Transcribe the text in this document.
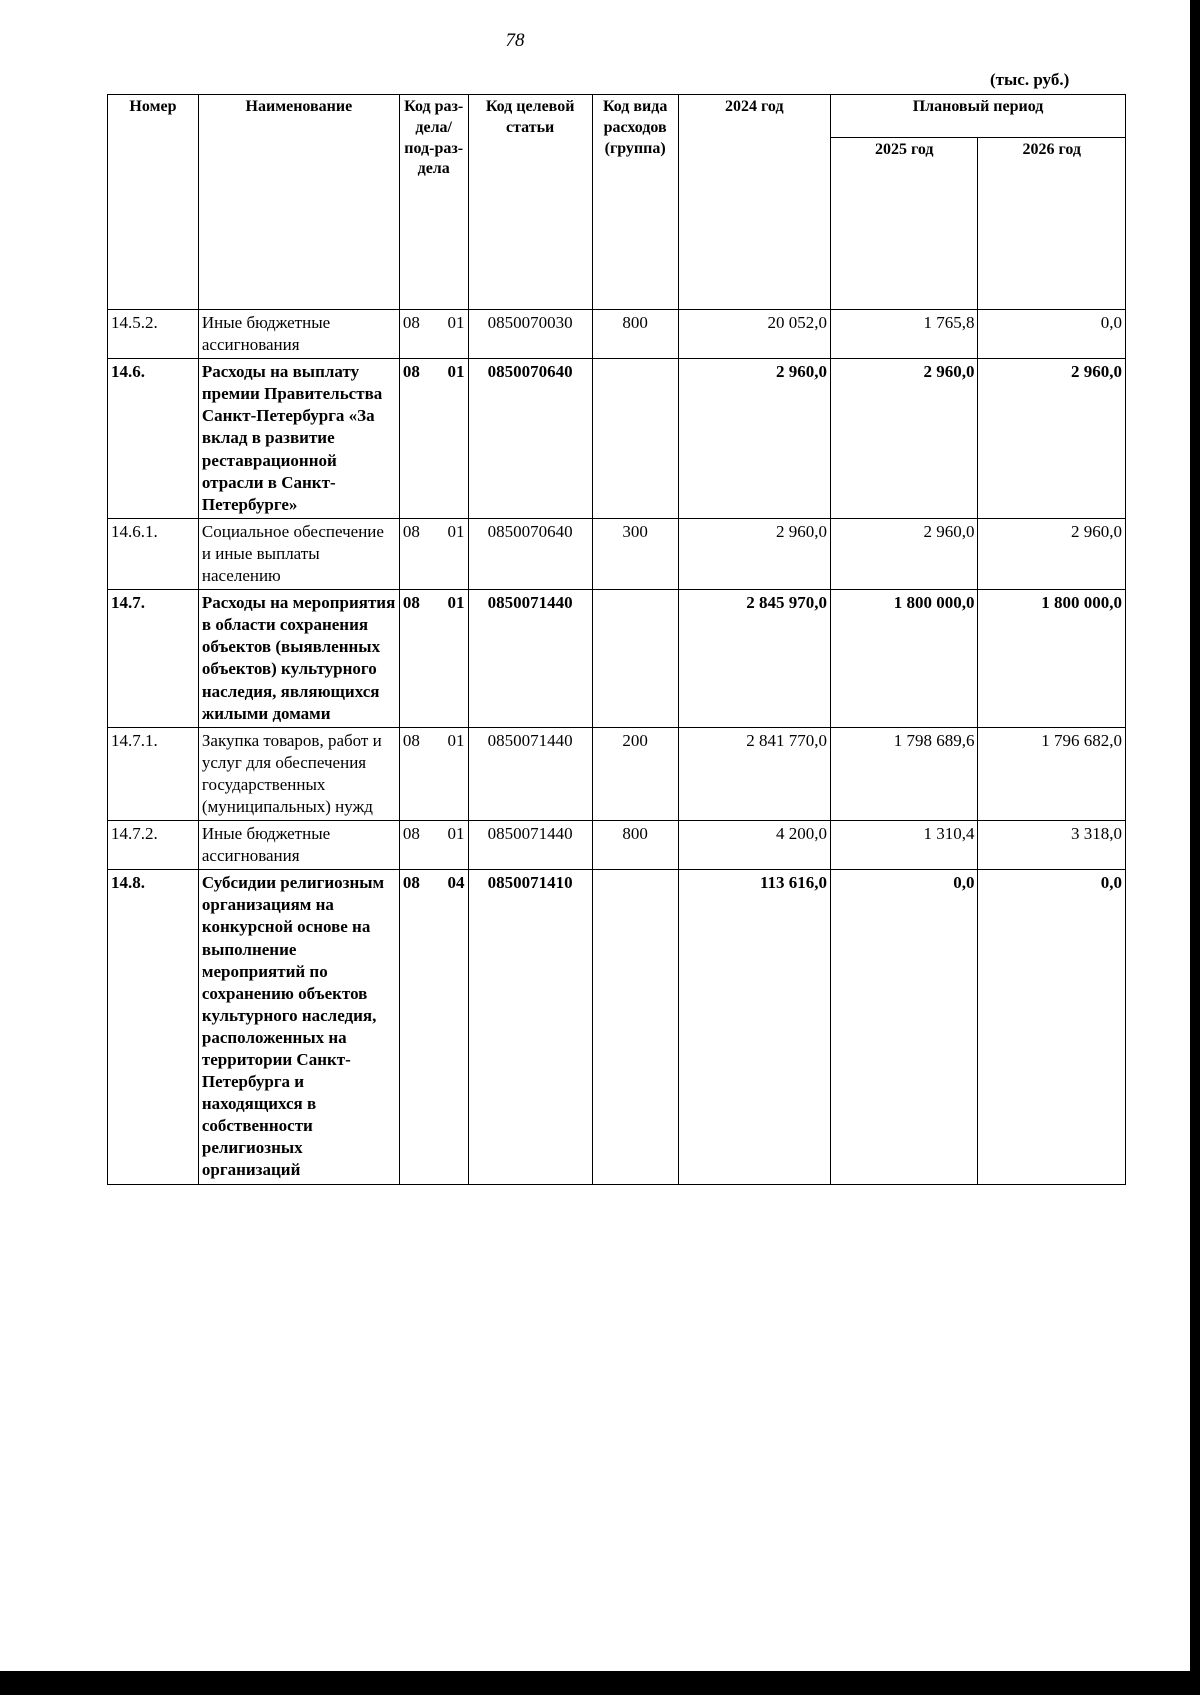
78
(тыс. руб.)
Номер	Наименование	Код раз-дела/ под-раз-дела	Код целевой статьи	Код вида расходов (группа)	2024 год	Плановый период	
						2025 год	2026 год
14.5.2.	Иные бюджетные ассигнования	08 01	0850070030	800	20 052,0	1 765,8	0,0
14.6.	Расходы на выплату премии Правительства Санкт-Петербурга «За вклад в развитие реставрационной отрасли в Санкт-Петербурге»	08 01	0850070640		2 960,0	2 960,0	2 960,0
14.6.1.	Социальное обеспечение и иные выплаты населению	08 01	0850070640	300	2 960,0	2 960,0	2 960,0
14.7.	Расходы на мероприятия в области сохранения объектов (выявленных объектов) культурного наследия, являющихся жилыми домами	08 01	0850071440		2 845 970,0	1 800 000,0	1 800 000,0
14.7.1.	Закупка товаров, работ и услуг для обеспечения государственных (муниципальных) нужд	08 01	0850071440	200	2 841 770,0	1 798 689,6	1 796 682,0
14.7.2.	Иные бюджетные ассигнования	08 01	0850071440	800	4 200,0	1 310,4	3 318,0
14.8.	Субсидии религиозным организациям на конкурсной основе на выполнение мероприятий по сохранению объектов культурного наследия, расположенных на территории Санкт-Петербурга и находящихся в собственности религиозных организаций	08 04	0850071410		113 616,0	0,0	0,0
